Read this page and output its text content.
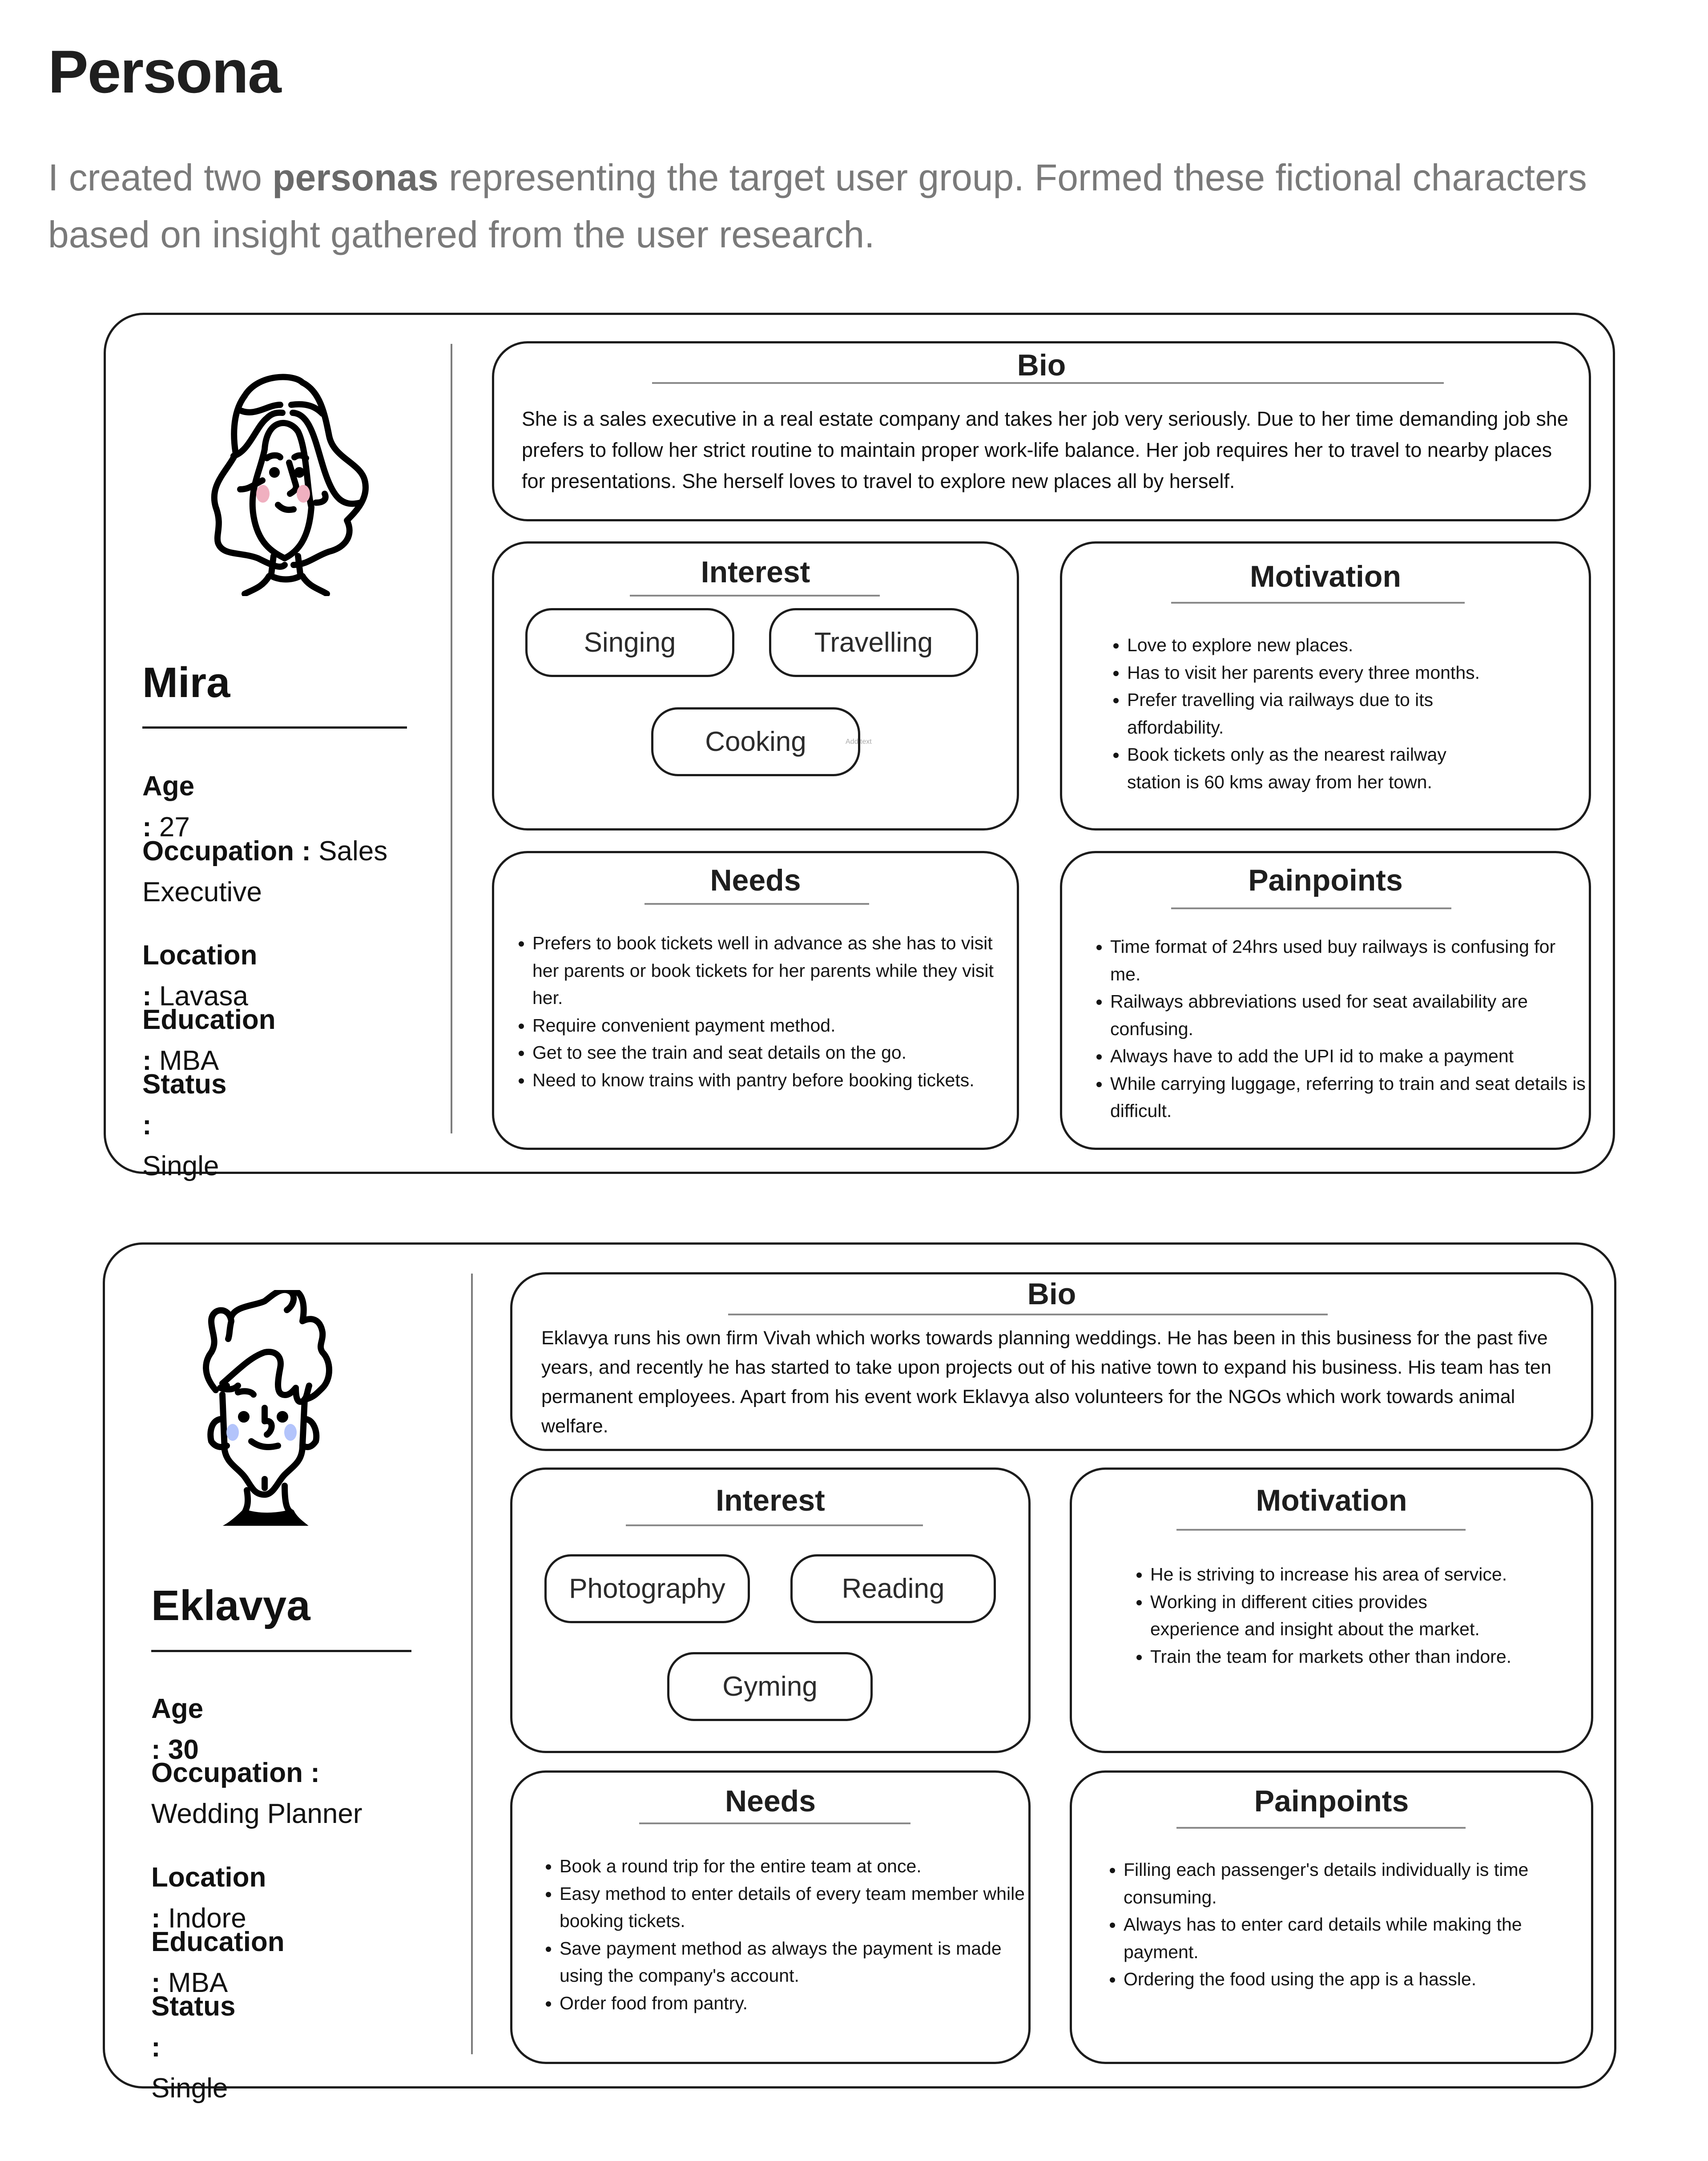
Persona

I created two personas representing the target user group. Formed these fictional characters based on insight gathered from the user research.

Mira
Age : 27
Occupation : Sales Executive
Location : Lavasa
Education : MBA
Status : Single
Bio
She is a sales executive in a real estate company and takes her job very seriously. Due to her time demanding job she prefers to follow her strict routine to maintain proper work-life balance. Her job requires her to travel to nearby places for presentations. She herself loves to travel to explore new places all by herself.
Interest
Singing	Travelling
Cooking	Add text
Motivation
• Love to explore new places.
• Has to visit her parents every three months.
• Prefer travelling via railways due to its affordability.
• Book tickets only as the nearest railway station is 60 kms away from her town.
Needs
• Prefers to book tickets well in advance as she has to visit her parents or book tickets for her parents while they visit her.
• Require convenient payment method.
• Get to see the train and seat details on the go.
• Need to know trains with pantry before booking tickets.
Painpoints
• Time format of 24hrs used buy railways is confusing for me.
• Railways abbreviations used for seat availability are confusing.
• Always have to add the UPI id to make a payment
• While carrying luggage, referring to train and seat details is difficult.
Eklavya
Age : 30
Occupation : Wedding Planner
Location : Indore
Education : MBA
Status : Single
Bio
Eklavya runs his own firm Vivah which works towards planning weddings. He has been in this business for the past five years, and recently he has started to take upon projects out of his native town to expand his business. His team has ten permanent employees. Apart from his event work Eklavya also volunteers for the NGOs which work towards animal welfare.
Interest
Photography	Reading
Gyming
Motivation
• He is striving to increase his area of service.
• Working in different cities provides experience and insight about the market.
• Train the team for markets other than indore.
Needs
• Book a round trip for the entire team at once.
• Easy method to enter details of every team member while booking tickets.
• Save payment method as always the payment is made using the company's account.
• Order food from pantry.
Painpoints
• Filling each passenger's details individually is time consuming.
• Always has to enter card details while making the payment.
• Ordering the food using the app is a hassle.
